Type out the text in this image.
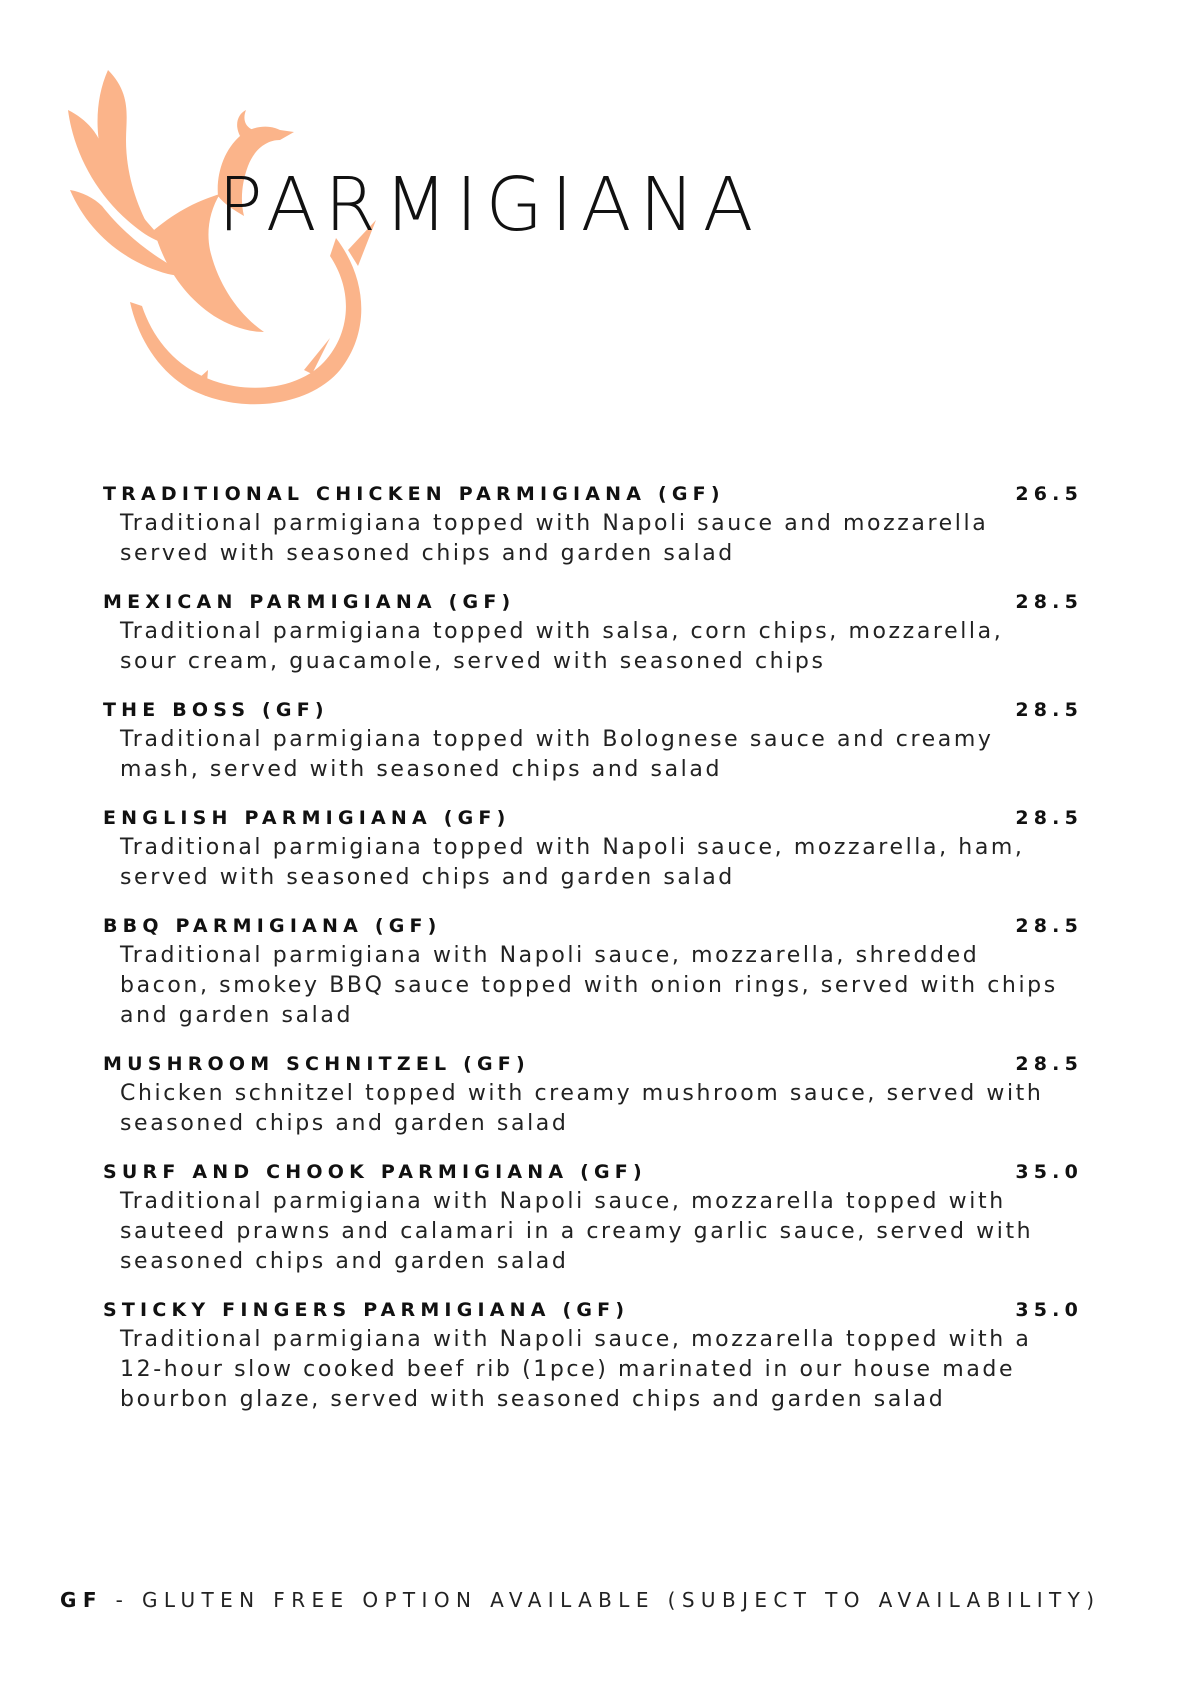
PARMIGIANA
TRADITIONAL CHICKEN PARMIGIANA (GF)	26.5
Traditional parmigiana topped with Napoli sauce and mozzarella served with seasoned chips and garden salad
MEXICAN PARMIGIANA (GF)	28.5
Traditional parmigiana topped with salsa, corn chips, mozzarella, sour cream, guacamole, served with seasoned chips
THE BOSS (GF)	28.5
Traditional parmigiana topped with Bolognese sauce and creamy mash, served with seasoned chips and salad
ENGLISH PARMIGIANA (GF)	28.5
Traditional parmigiana topped with Napoli sauce, mozzarella, ham, served with seasoned chips and garden salad
BBQ PARMIGIANA (GF)	28.5
Traditional parmigiana with Napoli sauce, mozzarella, shredded bacon, smokey BBQ sauce topped with onion rings, served with chips and garden salad
MUSHROOM SCHNITZEL (GF)	28.5
Chicken schnitzel topped with creamy mushroom sauce, served with seasoned chips and garden salad
SURF AND CHOOK PARMIGIANA (GF)	35.0
Traditional parmigiana with Napoli sauce, mozzarella topped with sauteed prawns and calamari in a creamy garlic sauce, served with seasoned chips and garden salad
STICKY FINGERS PARMIGIANA (GF)	35.0
Traditional parmigiana with Napoli sauce, mozzarella topped with a 12-hour slow cooked beef rib (1pce) marinated in our house made bourbon glaze, served with seasoned chips and garden salad

GF - GLUTEN FREE OPTION AVAILABLE (SUBJECT TO AVAILABILITY)
